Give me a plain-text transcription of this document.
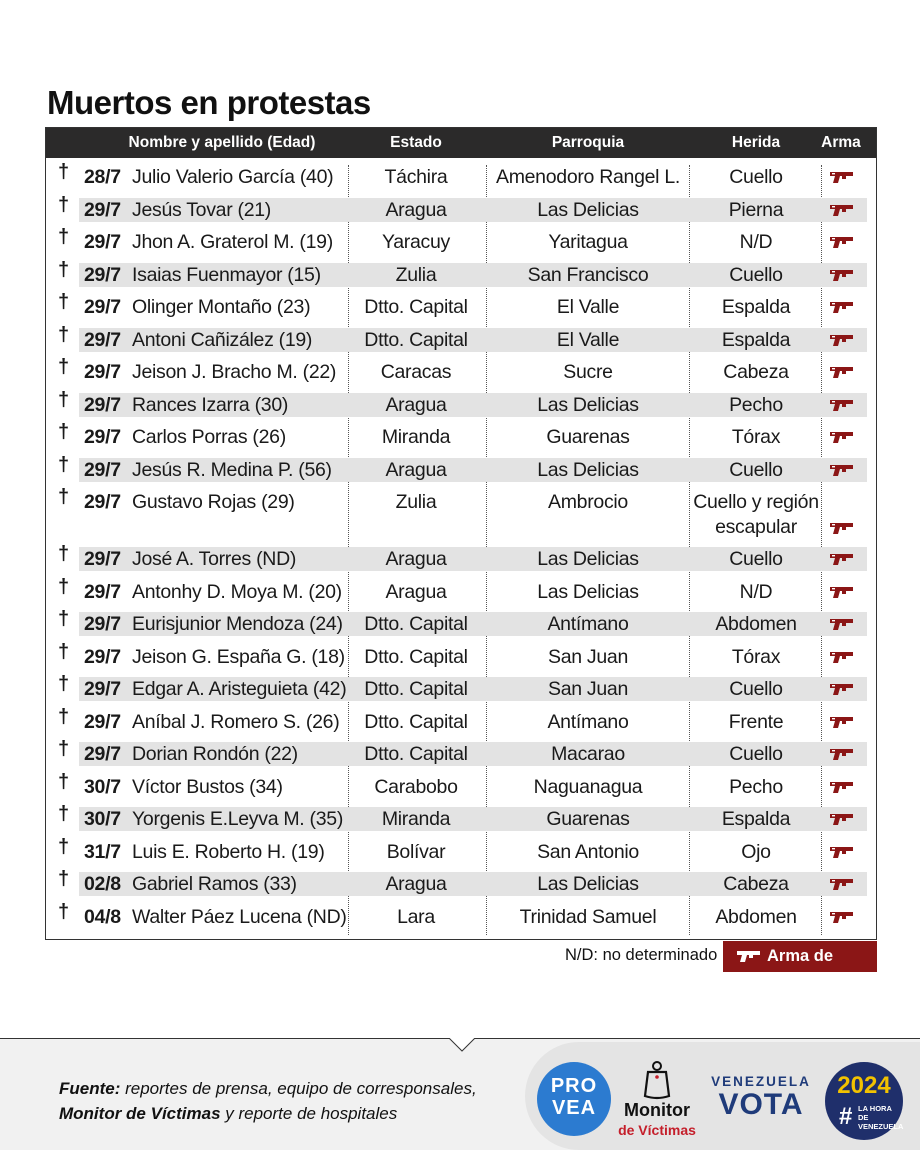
Muertos en protestas
Nombre y apellido (Edad)	Estado	Parroquia	Herida	Arma
† 28/7 Julio Valerio García (40)	Táchira	Amenodoro Rangel L.	Cuello
† 29/7 Jesús Tovar (21)	Aragua	Las Delicias	Pierna
† 29/7 Jhon A. Graterol M. (19)	Yaracuy	Yaritagua	N/D
† 29/7 Isaias Fuenmayor (15)	Zulia	San Francisco	Cuello
† 29/7 Olinger Montaño (23)	Dtto. Capital	El Valle	Espalda
† 29/7 Antoni Cañizález (19)	Dtto. Capital	El Valle	Espalda
† 29/7 Jeison J. Bracho M. (22)	Caracas	Sucre	Cabeza
† 29/7 Rances Izarra (30)	Aragua	Las Delicias	Pecho
† 29/7 Carlos Porras (26)	Miranda	Guarenas	Tórax
† 29/7 Jesús R. Medina P. (56)	Aragua	Las Delicias	Cuello
† 29/7 Gustavo Rojas (29)	Zulia	Ambrocio	Cuello y región escapular
† 29/7 José A. Torres (ND)	Aragua	Las Delicias	Cuello
† 29/7 Antonhy D. Moya M. (20)	Aragua	Las Delicias	N/D
† 29/7 Eurisjunior Mendoza (24)	Dtto. Capital	Antímano	Abdomen
† 29/7 Jeison G. España G. (18) Dtto. Capital	San Juan	Tórax
† 29/7 Edgar A. Aristeguieta (42) Dtto. Capital	San Juan	Cuello
† 29/7 Aníbal J. Romero S. (26)	Dtto. Capital	Antímano	Frente
† 29/7 Dorian Rondón (22)	Dtto. Capital	Macarao	Cuello
† 30/7 Víctor Bustos (34)	Carabobo	Naguanagua	Pecho
† 30/7 Yorgenis E.Leyva M. (35)	Miranda	Guarenas	Espalda
† 31/7 Luis E. Roberto H. (19)	Bolívar	San Antonio	Ojo
† 02/8 Gabriel Ramos (33)	Aragua	Las Delicias	Cabeza
† 04/8 Walter Páez Lucena (ND)	Lara	Trinidad Samuel	Abdomen
N/D: no determinado	Arma de fuego
Fuente: reportes de prensa, equipo de corresponsales,
Monitor de Víctimas y reporte de hospitales
PRO
VEA	Monitor
de Víctimas
VENEZUELA
VOTA
2024
# LA HORA DE
VENEZUELA
